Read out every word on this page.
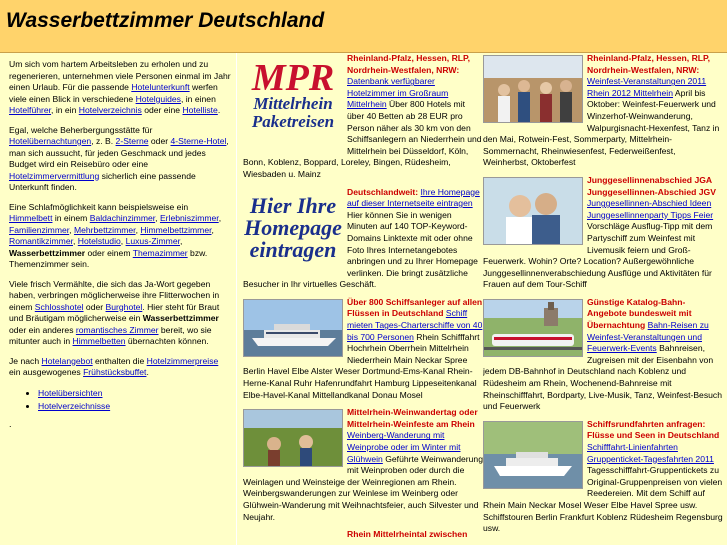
Wasserbettzimmer Deutschland

Um sich vom hartem Arbeitsleben zu erholen und zu regenerieren, unternehmen viele Personen einmal im Jahr einen Urlaub. Für die passende Hotelunterkunft werfen viele einen Blick in verschiedene Hotelguides, in einen Hotelführer, in ein Hotelverzeichnis oder eine Hotelliste.

Egal, welche Beherbergungsstätte für Hotelübernachtungen, z. B. 2-Sterne oder 4-Sterne-Hotel, man sich aussucht, für jeden Geschmack und jedes Budget wird ein Reisebüro oder eine Hotelzimmervermittlung sicherlich eine passende Unterkunft finden.

Eine Schlafmöglichkeit kann beispielsweise ein Himmelbett in einem Baldachinzimmer, Erlebniszimmer, Familienzimmer, Mehrbettzimmer, Himmelbettzimmer, Romantikzimmer, Hotelstudio, Luxus-Zimmer, Wasserbettzimmer oder einem Themazimmer bzw. Themenzimmer sein.

Viele frisch Vermählte, die sich das Ja-Wort gegeben haben, verbringen möglicherweise ihre Flitterwochen in einem Schlosshotel oder Burghotel. Hier steht für Braut und Bräutigam möglicherweise ein Wasserbettzimmer oder ein anderes romantisches Zimmer bereit, wo sie mitunter auch in Himmelbetten übernachten können.

Je nach Hotelangebot enthalten die Hotelzimmerpreise ein ausgewogenes Frühstücksbuffet.

• Hotelübersichten
• Hotelverzeichnisse
.
MPR
Mittelrhein
Paketreisen
Rheinland-Pfalz, Hessen, RLP, Nordrhein-Westfalen, NRW: Datenbank verfügbarer Hotelzimmer im Großraum Mittelrhein Über 800 Hotels mit über 40 Betten ab 28 EUR pro Person näher als 30 km von den Schiffsanlegern an Niederrhein und Mittelrhein bei Düsseldorf, Köln, Bonn, Koblenz, Boppard, Loreley, Bingen, Rüdesheim, Wiesbaden u. Mainz
Hier Ihre
Homepage
eintragen
Deutschlandweit: Ihre Homepage auf dieser Internetseite eintragen Hier können Sie in wenigen Minuten auf 140 TOP-Keyword-Domains Linktexte mit oder ohne Foto Ihres Internetangebotes anbringen und zu Ihrer Homepage verlinken. Die bringt zusätzliche Besucher in Ihr virtuelles Geschäft.
Über 800 Schiffsanleger auf allen Flüssen in Deutschland Schiff mieten Tages-Charterschiffe von 40 bis 700 Personen Rhein Schifffahrt Hochrhein Oberrhein Mittelrhein Niederrhein Main Neckar Spree Berlin Havel Elbe Alster Weser Dortmund-Ems-Kanal Rhein-Herne-Kanal Ruhr Hafenrundfahrt Hamburg Lippeseitenkanal Elbe-Havel-Kanal Mittellandkanal Donau Mosel
Mittelrhein-Weinwandertag oder Mittelrhein-Weinfeste am Rhein Weinberg-Wanderung mit Weinprobe oder im Winter mit Glühwein Geführte Weinwanderung mit Weinproben oder durch die Weinlagen und Weinsteige der Weinregionen am Rhein. Weinbergswanderungen zur Weinlese im Weinberg oder Glühwein-Wanderung mit Weihnachtsfeier, auch Silvester und Neujahr.
Rhein Mittelrheintal zwischen
Rheinland-Pfalz, Hessen, RLP, Nordrhein-Westfalen, NRW: Weinfest-Veranstaltungen 2011 Rhein 2012 Mittelrhein April bis Oktober: Weinfest-Feuerwerk und Winzerhof-Weinwanderung, Walpurgisnacht-Hexenfest, Tanz in den Mai, Rotwein-Fest, Sommerparty, Mittelrhein-Sommernacht, Rheinwiesenfest, Federweißenfest, Weinherbst, Oktoberfest
Junggesellinnenabschied JGA Junggesellinnen-Abschied JGV Junggesellinnen-Abschied Ideen Junggesellinnenparty Tipps Feier Vorschläge Ausflug-Tipp mit dem Partyschiff zum Weinfest mit Livemusik feiern und Groß-Feuerwerk. Wohin? Orte? Location? Außergewöhnliche Junggesellinnenverabschiedung Ausflüge und Aktivitäten für Frauen auf dem Tour-Schiff
Günstige Katalog-Bahn-Angebote bundesweit mit Übernachtung Bahn-Reisen zu Weinfest-Veranstaltungen und Feuerwerk-Events Bahnreisen, Zugreisen mit der Eisenbahn von jedem DB-Bahnhof in Deutschland nach Koblenz und Rüdesheim am Rhein, Wochenend-Bahnreise mit Rheinschifffahrt, Bordparty, Live-Musik, Tanz, Weinfest-Besuch und Feuerwerk
Schiffsrundfahrten anfragen: Flüsse und Seen in Deutschland Schifffahrt-Linienfahrten Gruppenticket-Tagesfahrten 2011 Tagesschifffahrt-Gruppentickets zu Original-Gruppenpreisen von vielen Reedereien. Mit dem Schiff auf Rhein Main Neckar Mosel Weser Elbe Havel Spree usw. Schiffstouren Berlin Frankfurt Koblenz Rüdesheim Regensburg usw.
